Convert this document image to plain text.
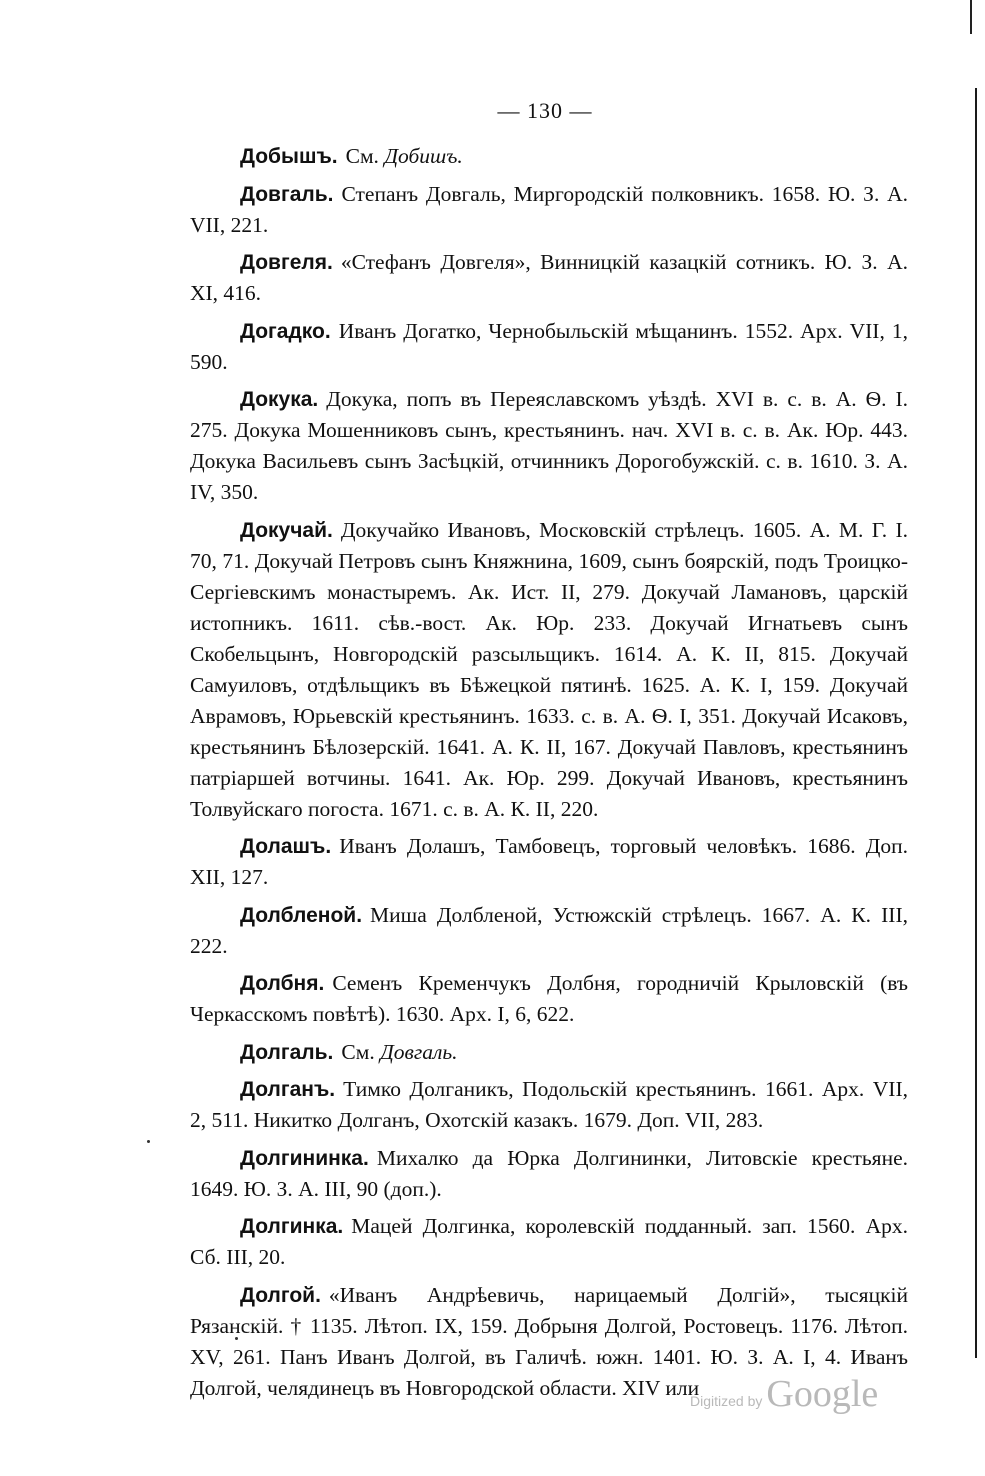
— 130 —

Добышъ. См. Добишъ.

Довгаль. Степанъ Довгаль, Миргородскій полковникъ. 1658. Ю. З. А. VII, 221.

Довгеля. «Стефанъ Довгеля», Винницкій казацкій сотникъ. Ю. З. А. XI, 416.

Догадко. Иванъ Догатко, Чернобыльскій мѣщанинъ. 1552. Арх. VII, 1, 590.

Докука. Докука, попъ въ Переяславскомъ уѣздѣ. XVI в. с. в. А. Ѳ. I. 275. Докука Мошенниковъ сынъ, крестьянинъ. нач. XVI в. с. в. Ак. Юр. 443. Докука Васильевъ сынъ Засѣцкій, отчинникъ Дорогобужскій. с. в. 1610. З. А. IV, 350.

Докучай. Докучайко Ивановъ, Московскій стрѣлецъ. 1605. А. М. Г. I. 70, 71. Докучай Петровъ сынъ Княжнина, 1609, сынъ боярскій, подъ Троицко-Сергіевскимъ монастыремъ. Ак. Ист. II, 279. Докучай Ламановъ, царскій истопникъ. 1611. сѣв.-вост. Ак. Юр. 233. Докучай Игнатьевъ сынъ Скобельцынъ, Новгородскій разсыльщикъ. 1614. А. К. II, 815. Докучай Самуиловъ, отдѣльщикъ въ Бѣжецкой пятинѣ. 1625. А. К. I, 159. Докучай Аврамовъ, Юрьевскій крестьянинъ. 1633. с. в. А. Ѳ. I, 351. Докучай Исаковъ, крестьянинъ Бѣлозерскій. 1641. А. К. II, 167. Докучай Павловъ, крестьянинъ патріаршей вотчины. 1641. Ак. Юр. 299. Докучай Ивановъ, крестьянинъ Толвуйскаго погоста. 1671. с. в. А. К. II, 220.

Долашъ. Иванъ Долашъ, Тамбовецъ, торговый человѣкъ. 1686. Доп. XII, 127.

Долбленой. Миша Долбленой, Устюжскій стрѣлецъ. 1667. А. К. III, 222.

Долбня. Семенъ Кременчукъ Долбня, городничій Крыловскій (въ Черкасскомъ повѣтѣ). 1630. Арх. I, 6, 622.

Долгаль. См. Довгаль.

Долганъ. Тимко Долганикъ, Подольскій крестьянинъ. 1661. Арх. VII, 2, 511. Никитко Долганъ, Охотскій казакъ. 1679. Доп. VII, 283.

Долгининка. Михалко да Юрка Долгининки, Литовскіе крестьяне. 1649. Ю. З. А. III, 90 (доп.).

Долгинка. Мацей Долгинка, королевскій подданный. зап. 1560. Арх. Сб. III, 20.

Долгой. «Иванъ Андрѣевичь, нарицаемый Долгій», тысяцкій Рязанскій. † 1135. Лѣтоп. IX, 159. Добрыня Долгой, Ростовецъ. 1176. Лѣтоп. XV, 261. Панъ Иванъ Долгой, въ Галичѣ. южн. 1401. Ю. З. А. I, 4. Иванъ Долгой, челядинецъ въ Новгородской области. XIV или

Digitized by Google
